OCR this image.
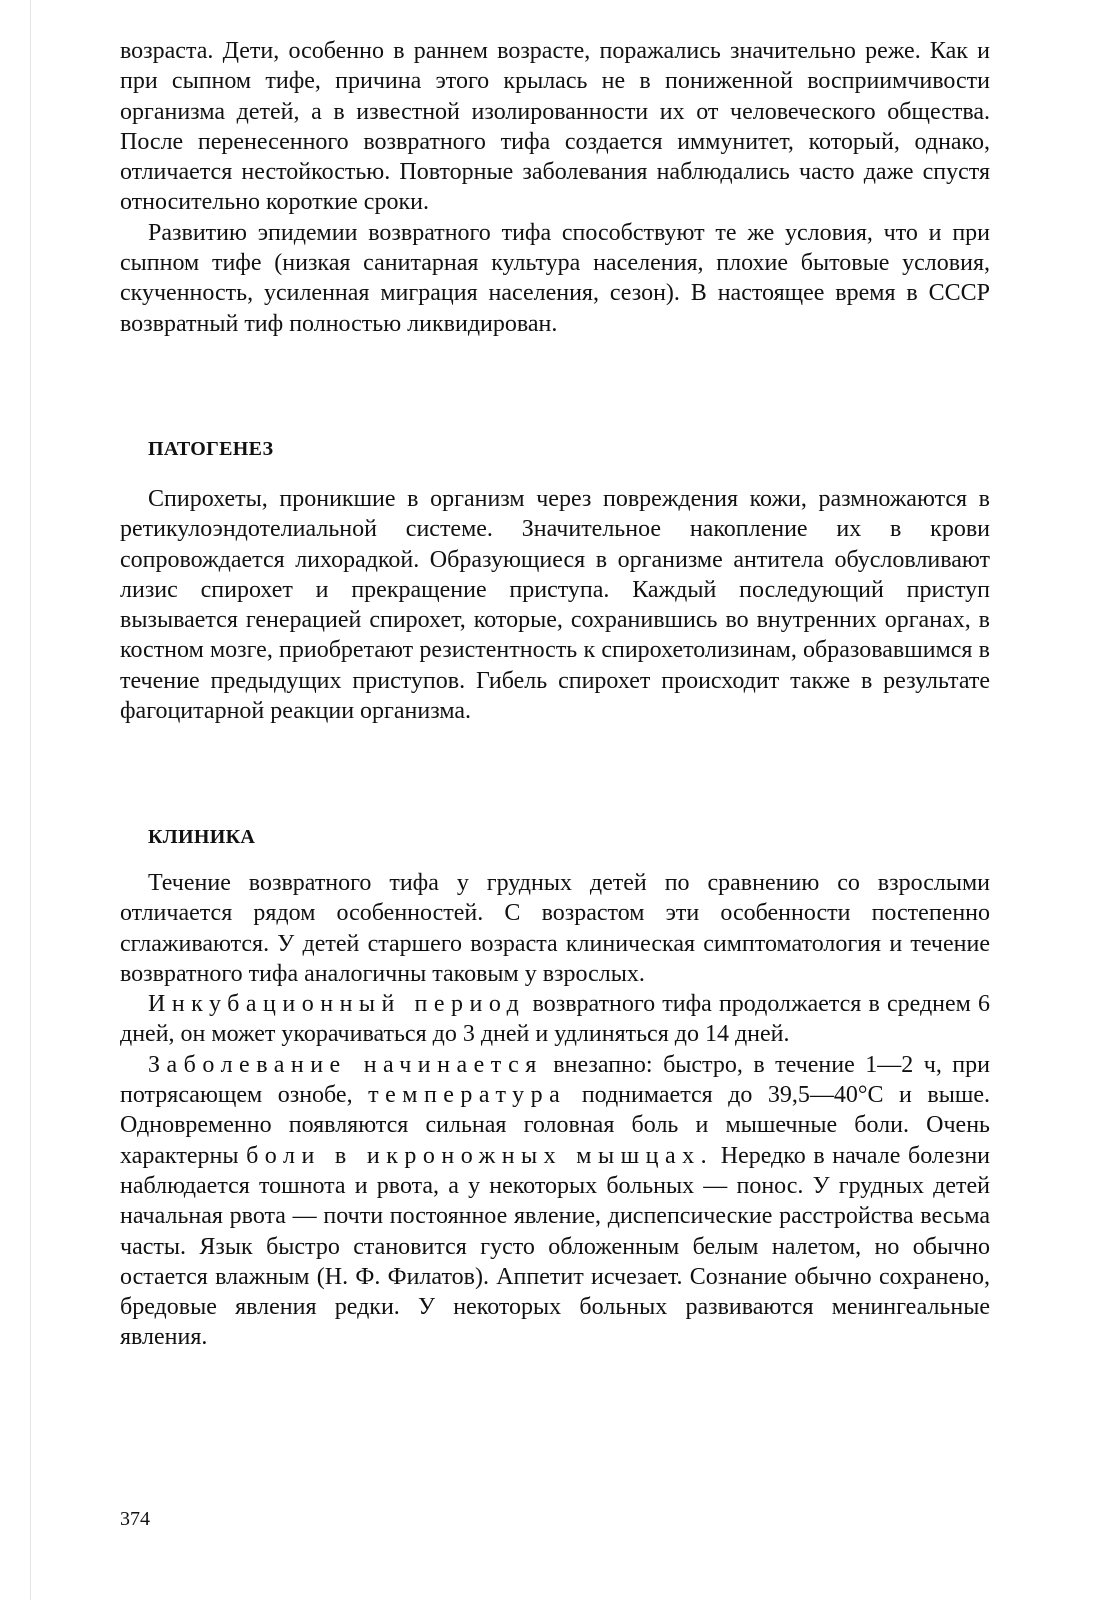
возраста. Дети, особенно в раннем возрасте, поражались значительно реже. Как и при сыпном тифе, причина этого крылась не в пониженной восприимчивости организма детей, а в известной изолированности их от человеческого общества. После перенесенного возвратного тифа создается иммунитет, который, однако, отличается нестойкостью. Повторные заболевания наблюдались часто даже спустя относительно короткие сроки.

Развитию эпидемии возвратного тифа способствуют те же условия, что и при сыпном тифе (низкая санитарная культура населения, плохие бытовые условия, скученность, усиленная миграция населения, сезон). В настоящее время в СССР возвратный тиф полностью ликвидирован.

ПАТОГЕНЕЗ

Спирохеты, проникшие в организм через повреждения кожи, размножаются в ретикулоэндотелиальной системе. Значительное накопление их в крови сопровождается лихорадкой. Образующиеся в организме антитела обусловливают лизис спирохет и прекращение приступа. Каждый последующий приступ вызывается генерацией спирохет, которые, сохранившись во внутренних органах, в костном мозге, приобретают резистентность к спирохетолизинам, образовавшимся в течение предыдущих приступов. Гибель спирохет происходит также в результате фагоцитарной реакции организма.

КЛИНИКА

Течение возвратного тифа у грудных детей по сравнению со взрослыми отличается рядом особенностей. С возрастом эти особенности постепенно сглаживаются. У детей старшего возраста клиническая симптоматология и течение возвратного тифа аналогичны таковым у взрослых.

Инкубационный период возвратного тифа продолжается в среднем 6 дней, он может укорачиваться до 3 дней и удлиняться до 14 дней.

Заболевание начинается внезапно: быстро, в течение 1—2 ч, при потрясающем ознобе, температура поднимается до 39,5—40°С и выше. Одновременно появляются сильная головная боль и мышечные боли. Очень характерны боли в икроножных мышцах. Нередко в начале болезни наблюдается тошнота и рвота, а у некоторых больных — понос. У грудных детей начальная рвота — почти постоянное явление, диспепсические расстройства весьма часты. Язык быстро становится густо обложенным белым налетом, но обычно остается влажным (Н. Ф. Филатов). Аппетит исчезает. Сознание обычно сохранено, бредовые явления редки. У некоторых больных развиваются менингеальные явления.

374
